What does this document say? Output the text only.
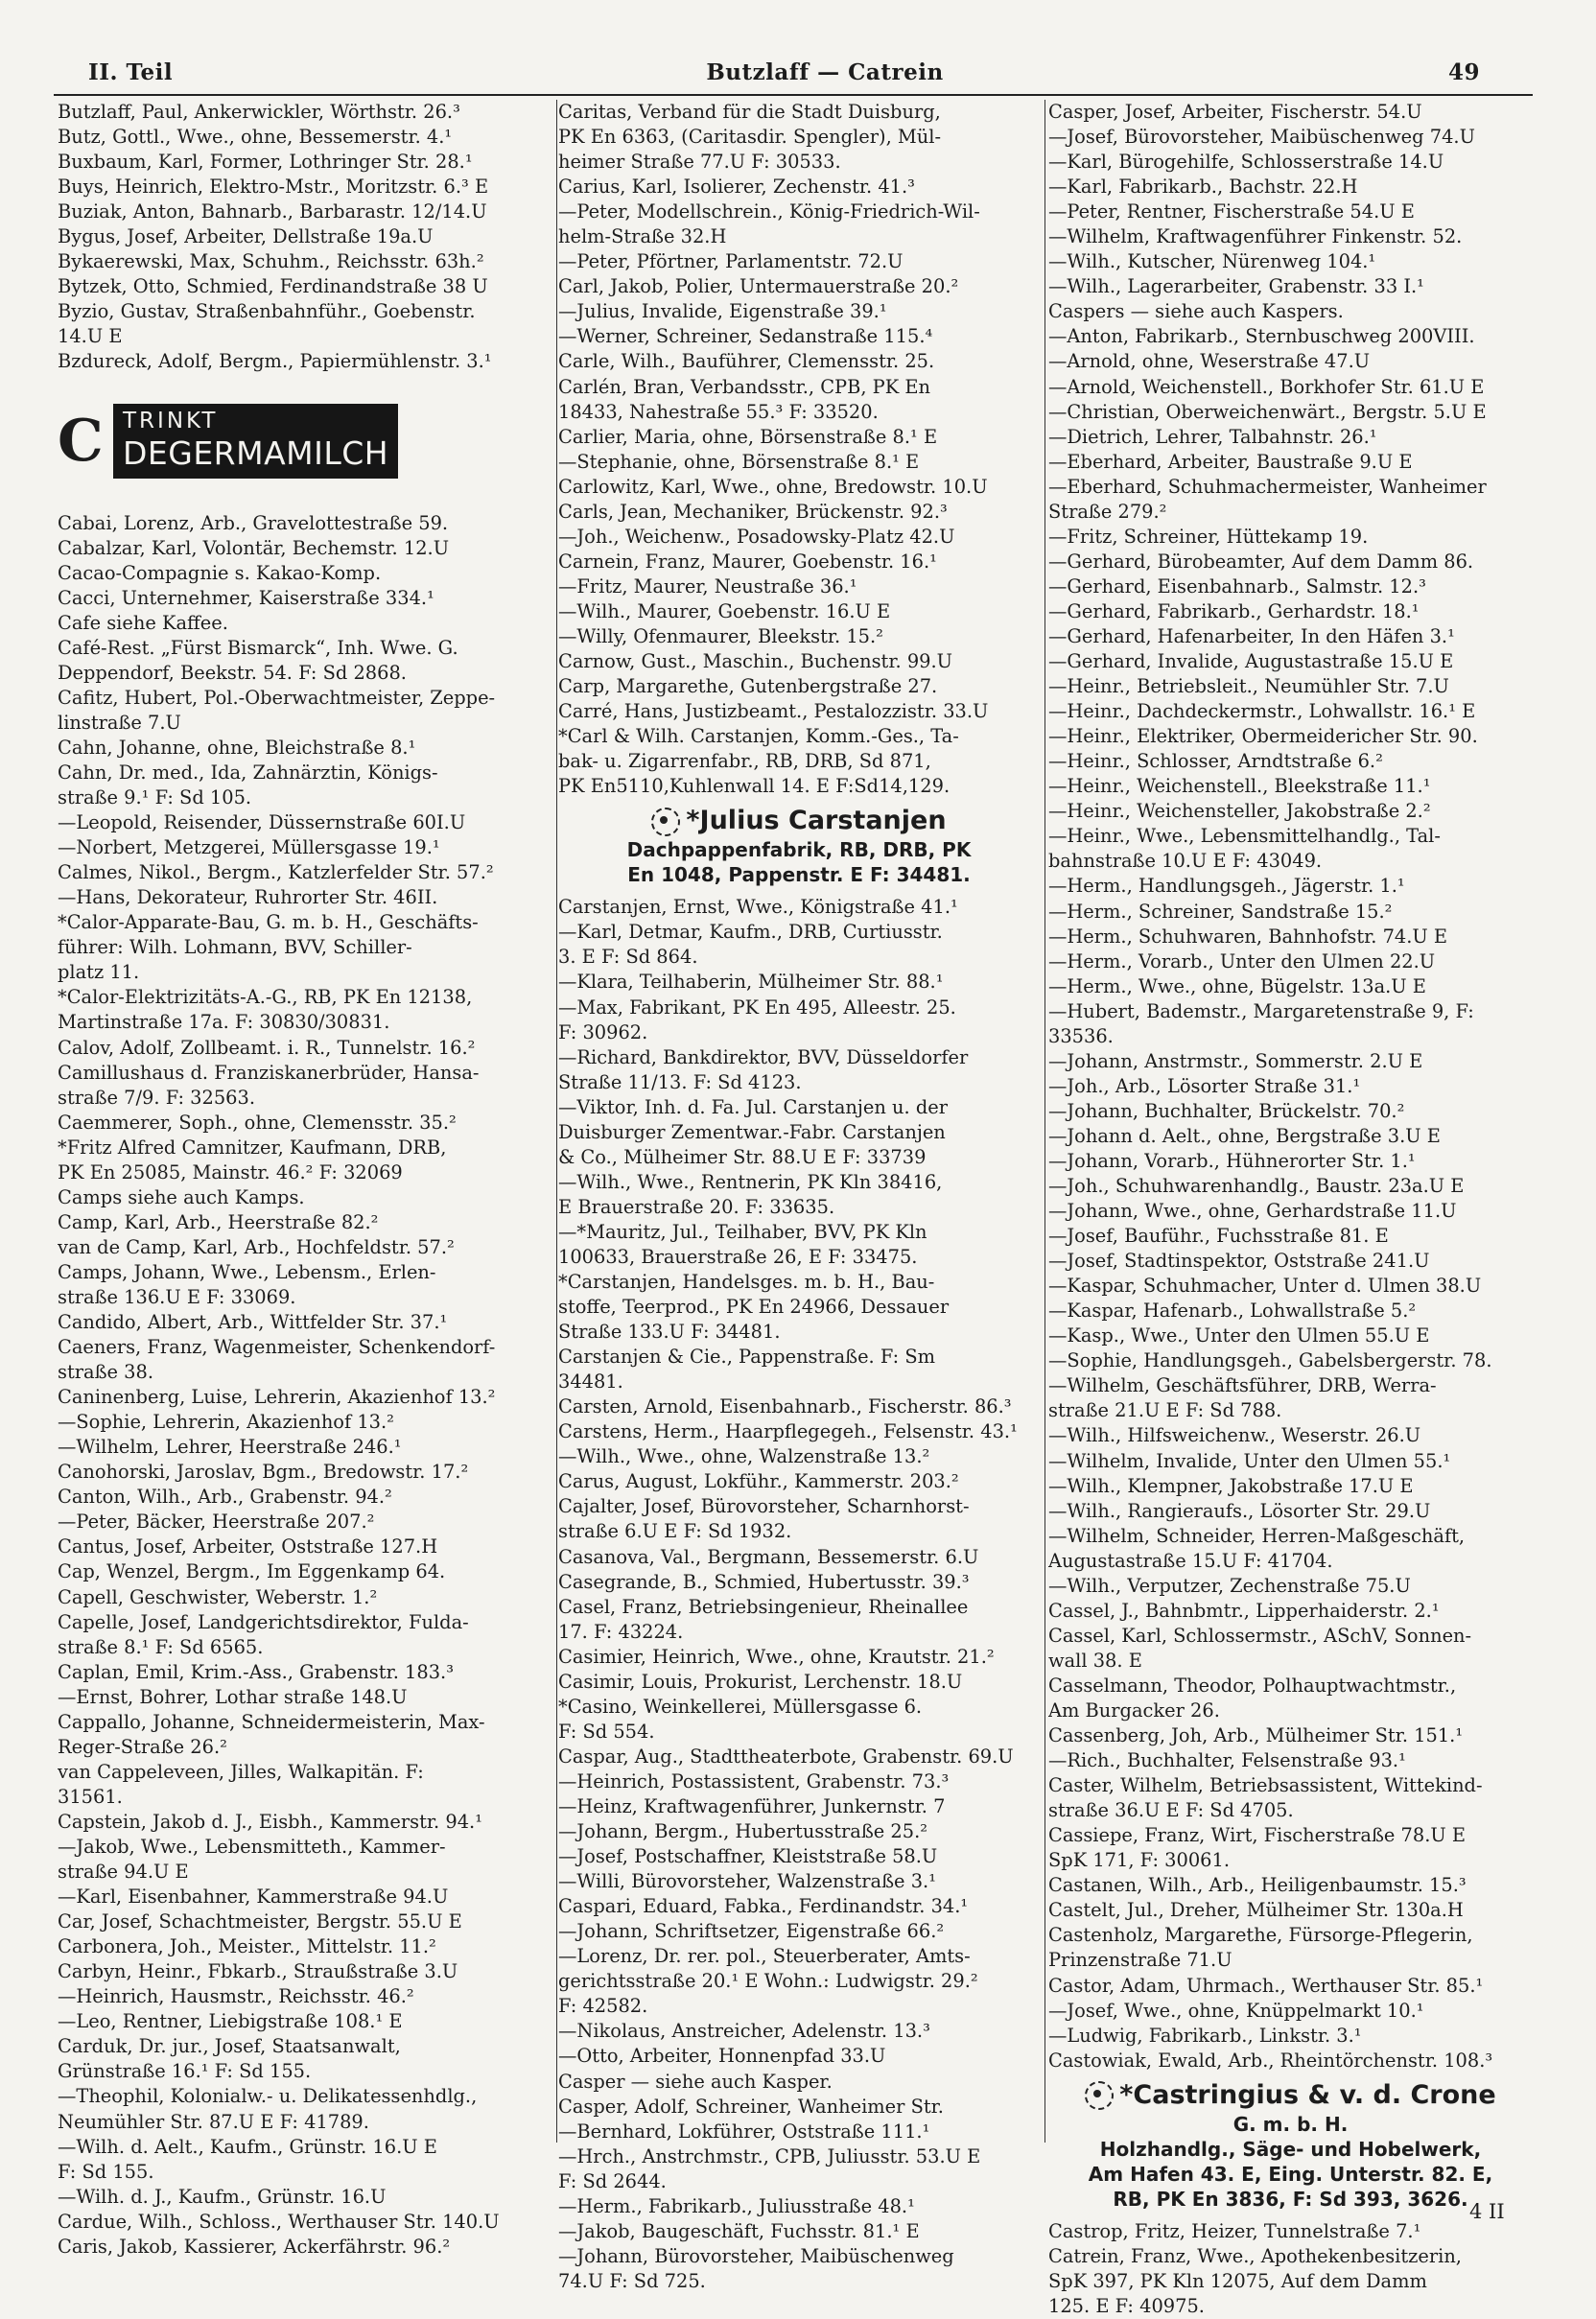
II. Teil	Butzlaff — Catrein	49
Butzlaff, Paul, Ankerwickler, Wörthstr. 26.³
Butz, Gottl., Wwe., ohne, Bessemerstr. 4.¹
Buxbaum, Karl, Former, Lothringer Str. 28.¹
Buys, Heinrich, Elektro-Mstr., Moritzstr. 6.³ E
Buziak, Anton, Bahnarb., Barbarastr. 12/14.U
Bygus, Josef, Arbeiter, Dellstraße 19a.U
Bykaerewski, Max, Schuhm., Reichsstr. 63h.²
Bytzek, Otto, Schmied, Ferdinandstraße 38 U
Byzio, Gustav, Straßenbahnführ., Goebenstr.
14.U E
Bzdureck, Adolf, Bergm., Papiermühlenstr. 3.¹
C TRINKT
DEGERMAMILCH
Cabai, Lorenz, Arb., Gravelottestraße 59.
Cabalzar, Karl, Volontär, Bechemstr. 12.U
Cacao-Compagnie s. Kakao-Komp.
Cacci, Unternehmer, Kaiserstraße 334.¹
Cafe siehe Kaffee.
Café-Rest. „Fürst Bismarck“, Inh. Wwe. G.
Deppendorf, Beekstr. 54. F: Sd 2868.
Cafitz, Hubert, Pol.-Oberwachtmeister, Zeppe-
linstraße 7.U
Cahn, Johanne, ohne, Bleichstraße 8.¹
Cahn, Dr. med., Ida, Zahnärztin, Königs-
straße 9.¹ F: Sd 105.
—Leopold, Reisender, Düssernstraße 60I.U
—Norbert, Metzgerei, Müllersgasse 19.¹
Calmes, Nikol., Bergm., Katzlerfelder Str. 57.²
—Hans, Dekorateur, Ruhrorter Str. 46II.
*Calor-Apparate-Bau, G. m. b. H., Geschäfts-
führer: Wilh. Lohmann, BVV, Schiller-
platz 11.
*Calor-Elektrizitäts-A.-G., RB, PK En 12138,
Martinstraße 17a. F: 30830/30831.
Calov, Adolf, Zollbeamt. i. R., Tunnelstr. 16.²
Camillushaus d. Franziskanerbrüder, Hansa-
straße 7/9. F: 32563.
Caemmerer, Soph., ohne, Clemensstr. 35.²
*Fritz Alfred Camnitzer, Kaufmann, DRB,
PK En 25085, Mainstr. 46.² F: 32069
Camps siehe auch Kamps.
Camp, Karl, Arb., Heerstraße 82.²
van de Camp, Karl, Arb., Hochfeldstr. 57.²
Camps, Johann, Wwe., Lebensm., Erlen-
straße 136.U E F: 33069.
Candido, Albert, Arb., Wittfelder Str. 37.¹
Caeners, Franz, Wagenmeister, Schenkendorf-
straße 38.
Caninenberg, Luise, Lehrerin, Akazienhof 13.²
—Sophie, Lehrerin, Akazienhof 13.²
—Wilhelm, Lehrer, Heerstraße 246.¹
Canohorski, Jaroslav, Bgm., Bredowstr. 17.²
Canton, Wilh., Arb., Grabenstr. 94.²
—Peter, Bäcker, Heerstraße 207.²
Cantus, Josef, Arbeiter, Oststraße 127.H
Cap, Wenzel, Bergm., Im Eggenkamp 64.
Capell, Geschwister, Weberstr. 1.²
Capelle, Josef, Landgerichtsdirektor, Fulda-
straße 8.¹ F: Sd 6565.
Caplan, Emil, Krim.-Ass., Grabenstr. 183.³
—Ernst, Bohrer, Lothar straße 148.U
Cappallo, Johanne, Schneidermeisterin, Max-
Reger-Straße 26.²
van Cappeleveen, Jilles, Walkapitän. F:
31561.
Capstein, Jakob d. J., Eisbh., Kammerstr. 94.¹
—Jakob, Wwe., Lebensmitteth., Kammer-
straße 94.U E
—Karl, Eisenbahner, Kammerstraße 94.U
Car, Josef, Schachtmeister, Bergstr. 55.U E
Carbonera, Joh., Meister., Mittelstr. 11.²
Carbyn, Heinr., Fbkarb., Straußstraße 3.U
—Heinrich, Hausmstr., Reichsstr. 46.²
—Leo, Rentner, Liebigstraße 108.¹ E
Carduk, Dr. jur., Josef, Staatsanwalt,
Grünstraße 16.¹ F: Sd 155.
—Theophil, Kolonialw.- u. Delikatessenhdlg.,
Neumühler Str. 87.U E F: 41789.
—Wilh. d. Aelt., Kaufm., Grünstr. 16.U E
F: Sd 155.
—Wilh. d. J., Kaufm., Grünstr. 16.U
Cardue, Wilh., Schloss., Werthauser Str. 140.U
Caris, Jakob, Kassierer, Ackerfährstr. 96.²
Caritas, Verband für die Stadt Duisburg,
PK En 6363, (Caritasdir. Spengler), Mül-
heimer Straße 77.U F: 30533.
Carius, Karl, Isolierer, Zechenstr. 41.³
—Peter, Modellschrein., König-Friedrich-Wil-
helm-Straße 32.H
—Peter, Pförtner, Parlamentstr. 72.U
Carl, Jakob, Polier, Untermauerstraße 20.²
—Julius, Invalide, Eigenstraße 39.¹
—Werner, Schreiner, Sedanstraße 115.⁴
Carle, Wilh., Bauführer, Clemensstr. 25.
Carlén, Bran, Verbandsstr., CPB, PK En
18433, Nahestraße 55.³ F: 33520.
Carlier, Maria, ohne, Börsenstraße 8.¹ E
—Stephanie, ohne, Börsenstraße 8.¹ E
Carlowitz, Karl, Wwe., ohne, Bredowstr. 10.U
Carls, Jean, Mechaniker, Brückenstr. 92.³
—Joh., Weichenw., Posadowsky-Platz 42.U
Carnein, Franz, Maurer, Goebenstr. 16.¹
—Fritz, Maurer, Neustraße 36.¹
—Wilh., Maurer, Goebenstr. 16.U E
—Willy, Ofenmaurer, Bleekstr. 15.²
Carnow, Gust., Maschin., Buchenstr. 99.U
Carp, Margarethe, Gutenbergstraße 27.
Carré, Hans, Justizbeamt., Pestalozzistr. 33.U
*Carl & Wilh. Carstanjen, Komm.-Ges., Ta-
bak- u. Zigarrenfabr., RB, DRB, Sd 871,
PK En5110,Kuhlenwall 14. E F:Sd14,129.
*Julius Carstanjen
Dachpappenfabrik, RB, DRB, PK
En 1048, Pappenstr. E F: 34481.
Carstanjen, Ernst, Wwe., Königstraße 41.¹
—Karl, Detmar, Kaufm., DRB, Curtiusstr.
3. E F: Sd 864.
—Klara, Teilhaberin, Mülheimer Str. 88.¹
—Max, Fabrikant, PK En 495, Alleestr. 25.
F: 30962.
—Richard, Bankdirektor, BVV, Düsseldorfer
Straße 11/13. F: Sd 4123.
—Viktor, Inh. d. Fa. Jul. Carstanjen u. der
Duisburger Zementwar.-Fabr. Carstanjen
& Co., Mülheimer Str. 88.U E F: 33739
—Wilh., Wwe., Rentnerin, PK Kln 38416,
E Brauerstraße 20. F: 33635.
—*Mauritz, Jul., Teilhaber, BVV, PK Kln
100633, Brauerstraße 26, E F: 33475.
*Carstanjen, Handelsges. m. b. H., Bau-
stoffe, Teerprod., PK En 24966, Dessauer
Straße 133.U F: 34481.
Carstanjen & Cie., Pappenstraße. F: Sm
34481.
Carsten, Arnold, Eisenbahnarb., Fischerstr. 86.³
Carstens, Herm., Haarpflegegeh., Felsenstr. 43.¹
—Wilh., Wwe., ohne, Walzenstraße 13.²
Carus, August, Lokführ., Kammerstr. 203.²
Cajalter, Josef, Bürovorsteher, Scharnhorst-
straße 6.U E F: Sd 1932.
Casanova, Val., Bergmann, Bessemerstr. 6.U
Casegrande, B., Schmied, Hubertusstr. 39.³
Casel, Franz, Betriebsingenieur, Rheinallee
17. F: 43224.
Casimier, Heinrich, Wwe., ohne, Krautstr. 21.²
Casimir, Louis, Prokurist, Lerchenstr. 18.U
*Casino, Weinkellerei, Müllersgasse 6.
F: Sd 554.
Caspar, Aug., Stadttheaterbote, Grabenstr. 69.U
—Heinrich, Postassistent, Grabenstr. 73.³
—Heinz, Kraftwagenführer, Junkernstr. 7
—Johann, Bergm., Hubertusstraße 25.²
—Josef, Postschaffner, Kleiststraße 58.U
—Willi, Bürovorsteher, Walzenstraße 3.¹
Caspari, Eduard, Fabka., Ferdinandstr. 34.¹
—Johann, Schriftsetzer, Eigenstraße 66.²
—Lorenz, Dr. rer. pol., Steuerberater, Amts-
gerichtsstraße 20.¹ E Wohn.: Ludwigstr. 29.²
F: 42582.
—Nikolaus, Anstreicher, Adelenstr. 13.³
—Otto, Arbeiter, Honnenpfad 33.U
Casper — siehe auch Kasper.
Casper, Adolf, Schreiner, Wanheimer Str.
—Bernhard, Lokführer, Oststraße 111.¹
—Hrch., Anstrchmstr., CPB, Juliusstr. 53.U E
F: Sd 2644.
—Herm., Fabrikarb., Juliusstraße 48.¹
—Jakob, Baugeschäft, Fuchsstr. 81.¹ E
—Johann, Bürovorsteher, Maibüschenweg
74.U F: Sd 725.
Casper, Josef, Arbeiter, Fischerstr. 54.U
—Josef, Bürovorsteher, Maibüschenweg 74.U
—Karl, Bürogehilfe, Schlosserstraße 14.U
—Karl, Fabrikarb., Bachstr. 22.H
—Peter, Rentner, Fischerstraße 54.U E
—Wilhelm, Kraftwagenführer Finkenstr. 52.
—Wilh., Kutscher, Nürenweg 104.¹
—Wilh., Lagerarbeiter, Grabenstr. 33 I.¹
Caspers — siehe auch Kaspers.
—Anton, Fabrikarb., Sternbuschweg 200VIII.
—Arnold, ohne, Weserstraße 47.U
—Arnold, Weichenstell., Borkhofer Str. 61.U E
—Christian, Oberweichenwärt., Bergstr. 5.U E
—Dietrich, Lehrer, Talbahnstr. 26.¹
—Eberhard, Arbeiter, Baustraße 9.U E
—Eberhard, Schuhmachermeister, Wanheimer
Straße 279.²
—Fritz, Schreiner, Hüttekamp 19.
—Gerhard, Bürobeamter, Auf dem Damm 86.
—Gerhard, Eisenbahnarb., Salmstr. 12.³
—Gerhard, Fabrikarb., Gerhardstr. 18.¹
—Gerhard, Hafenarbeiter, In den Häfen 3.¹
—Gerhard, Invalide, Augustastraße 15.U E
—Heinr., Betriebsleit., Neumühler Str. 7.U
—Heinr., Dachdeckermstr., Lohwallstr. 16.¹ E
—Heinr., Elektriker, Obermeidericher Str. 90.
—Heinr., Schlosser, Arndtstraße 6.²
—Heinr., Weichenstell., Bleekstraße 11.¹
—Heinr., Weichensteller, Jakobstraße 2.²
—Heinr., Wwe., Lebensmittelhandlg., Tal-
bahnstraße 10.U E F: 43049.
—Herm., Handlungsgeh., Jägerstr. 1.¹
—Herm., Schreiner, Sandstraße 15.²
—Herm., Schuhwaren, Bahnhofstr. 74.U E
—Herm., Vorarb., Unter den Ulmen 22.U
—Herm., Wwe., ohne, Bügelstr. 13a.U E
—Hubert, Bademstr., Margaretenstraße 9, F:
33536.
—Johann, Anstrmstr., Sommerstr. 2.U E
—Joh., Arb., Lösorter Straße 31.¹
—Johann, Buchhalter, Brückelstr. 70.²
—Johann d. Aelt., ohne, Bergstraße 3.U E
—Johann, Vorarb., Hühnerorter Str. 1.¹
—Joh., Schuhwarenhandlg., Baustr. 23a.U E
—Johann, Wwe., ohne, Gerhardstraße 11.U
—Josef, Bauführ., Fuchsstraße 81. E
—Josef, Stadtinspektor, Oststraße 241.U
—Kaspar, Schuhmacher, Unter d. Ulmen 38.U
—Kaspar, Hafenarb., Lohwallstraße 5.²
—Kasp., Wwe., Unter den Ulmen 55.U E
—Sophie, Handlungsgeh., Gabelsbergerstr. 78.
—Wilhelm, Geschäftsführer, DRB, Werra-
straße 21.U E F: Sd 788.
—Wilh., Hilfsweichenw., Weserstr. 26.U
—Wilhelm, Invalide, Unter den Ulmen 55.¹
—Wilh., Klempner, Jakobstraße 17.U E
—Wilh., Rangieraufs., Lösorter Str. 29.U
—Wilhelm, Schneider, Herren-Maßgeschäft,
Augustastraße 15.U F: 41704.
—Wilh., Verputzer, Zechenstraße 75.U
Cassel, J., Bahnbmtr., Lipperhaiderstr. 2.¹
Cassel, Karl, Schlossermstr., ASchV, Sonnen-
wall 38. E
Casselmann, Theodor, Polhauptwachtmstr.,
Am Burgacker 26.
Cassenberg, Joh, Arb., Mülheimer Str. 151.¹
—Rich., Buchhalter, Felsenstraße 93.¹
Caster, Wilhelm, Betriebsassistent, Wittekind-
straße 36.U E F: Sd 4705.
Cassiepe, Franz, Wirt, Fischerstraße 78.U E
SpK 171, F: 30061.
Castanen, Wilh., Arb., Heiligenbaumstr. 15.³
Castelt, Jul., Dreher, Mülheimer Str. 130a.H
Castenholz, Margarethe, Fürsorge-Pflegerin,
Prinzenstraße 71.U
Castor, Adam, Uhrmach., Werthauser Str. 85.¹
—Josef, Wwe., ohne, Knüppelmarkt 10.¹
—Ludwig, Fabrikarb., Linkstr. 3.¹
Castowiak, Ewald, Arb., Rheintörchenstr. 108.³
*Castringius & v. d. Crone
G. m. b. H.
Holzhandlg., Säge- und Hobelwerk,
Am Hafen 43. E, Eing. Unterstr. 82. E,
RB, PK En 3836, F: Sd 393, 3626.
Castrop, Fritz, Heizer, Tunnelstraße 7.¹
Catrein, Franz, Wwe., Apothekenbesitzerin,
SpK 397, PK Kln 12075, Auf dem Damm
125. E F: 40975.
4 II
